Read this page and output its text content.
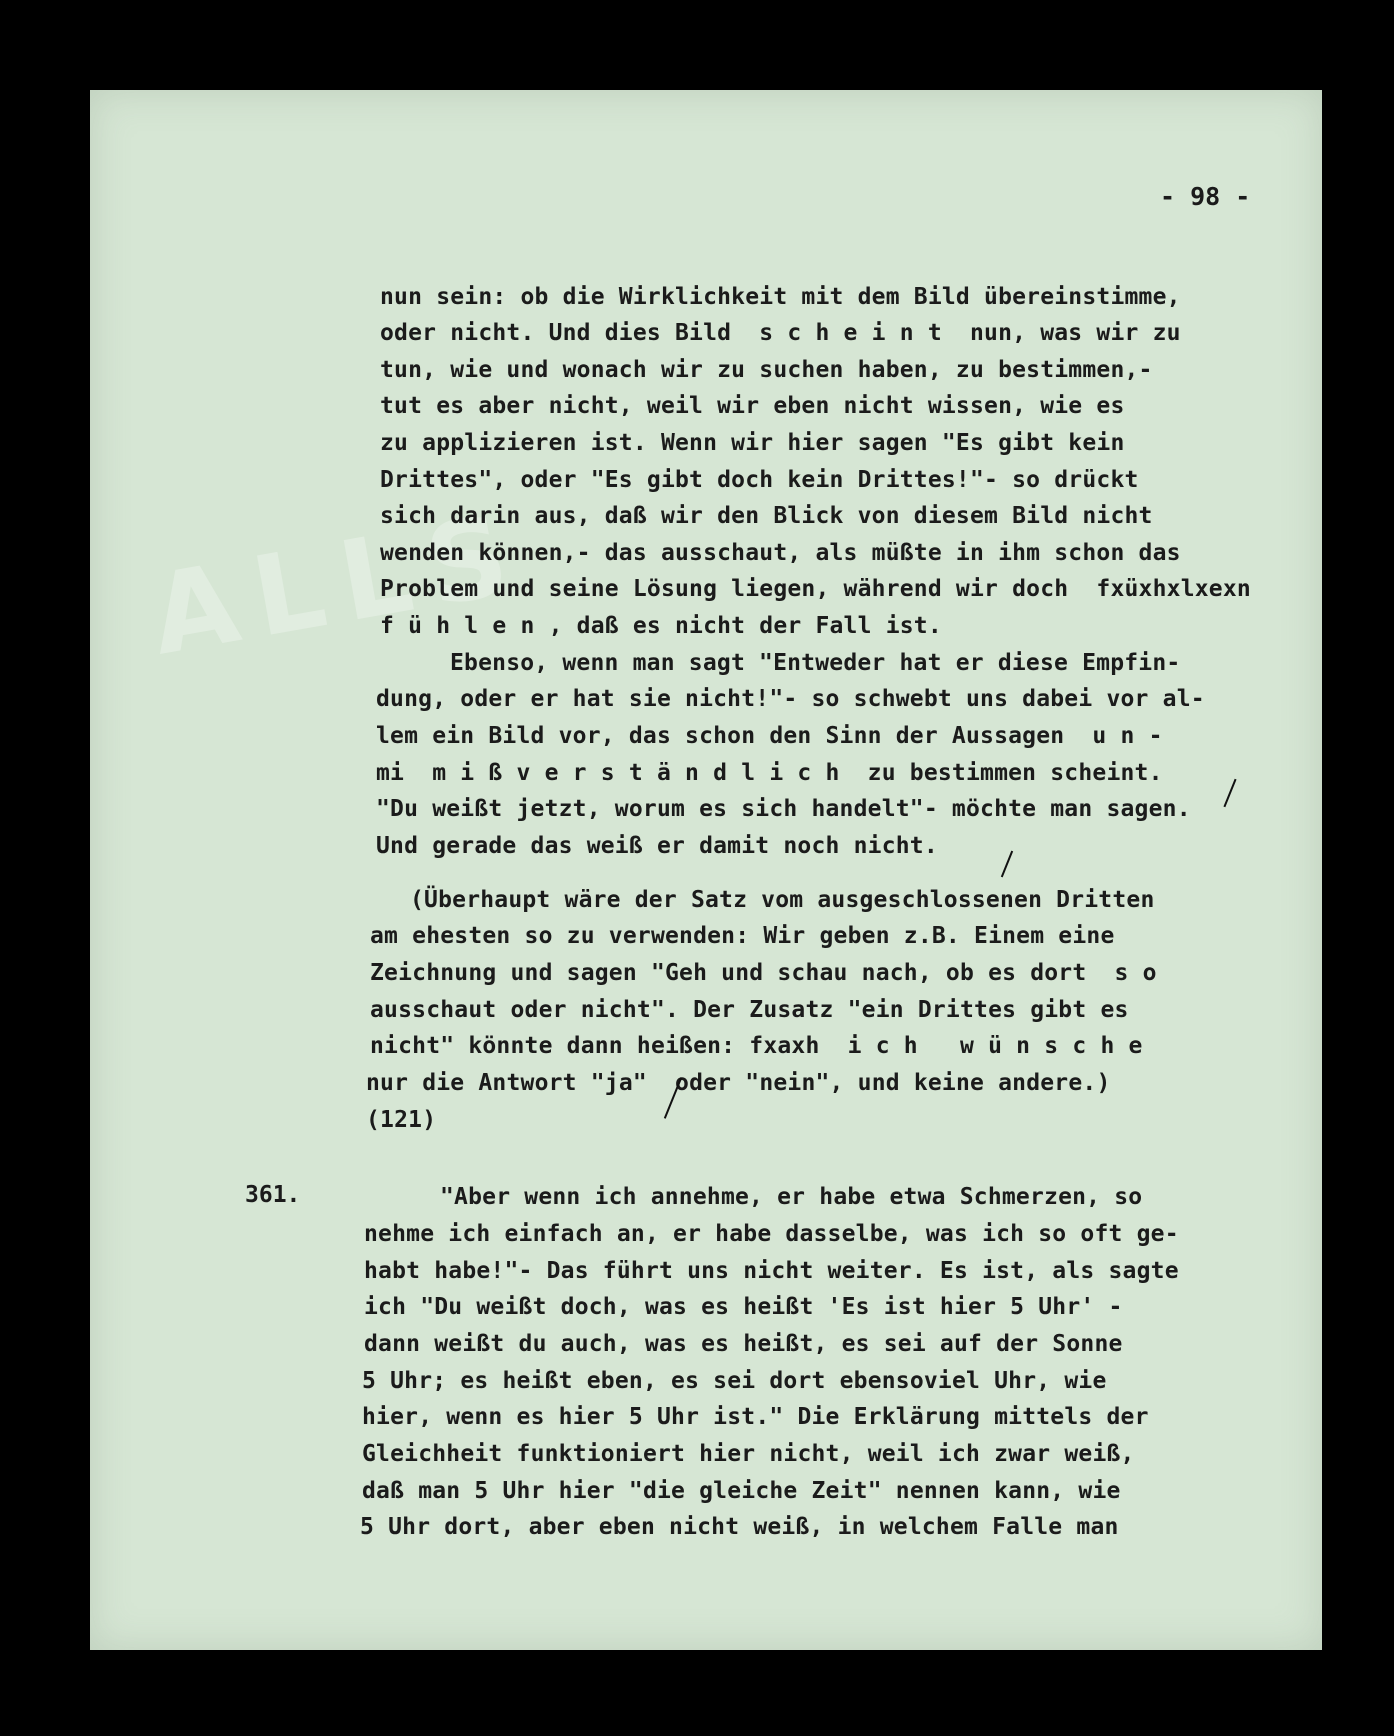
ALLS
- 98 -
nun sein: ob die Wirklichkeit mit dem Bild übereinstimme,
oder nicht. Und dies Bild  s c h e i n t  nun, was wir zu
tun, wie und wonach wir zu suchen haben, zu bestimmen,-
tut es aber nicht, weil wir eben nicht wissen, wie es
zu applizieren ist. Wenn wir hier sagen "Es gibt kein
Drittes", oder "Es gibt doch kein Drittes!"- so drückt
sich darin aus, daß wir den Blick von diesem Bild nicht
wenden können,- das ausschaut, als müßte in ihm schon das
Problem und seine Lösung liegen, während wir doch  fxüxhxlxexn
f ü h l e n , daß es nicht der Fall ist.
Ebenso, wenn man sagt "Entweder hat er diese Empfin-
dung, oder er hat sie nicht!"- so schwebt uns dabei vor al-
lem ein Bild vor, das schon den Sinn der Aussagen  u n -
mi  m i ß v e r s t ä n d l i c h  zu bestimmen scheint.
"Du weißt jetzt, worum es sich handelt"- möchte man sagen.
Und gerade das weiß er damit noch nicht.
(Überhaupt wäre der Satz vom ausgeschlossenen Dritten
am ehesten so zu verwenden: Wir geben z.B. Einem eine
Zeichnung und sagen "Geh und schau nach, ob es dort  s o
ausschaut oder nicht". Der Zusatz "ein Drittes gibt es
nicht" könnte dann heißen: fxaxh  i c h   w ü n s c h e
nur die Antwort "ja"  oder "nein", und keine andere.)
(121)
361.	"Aber wenn ich annehme, er habe etwa Schmerzen, so
nehme ich einfach an, er habe dasselbe, was ich so oft ge-
habt habe!"- Das führt uns nicht weiter. Es ist, als sagte
ich "Du weißt doch, was es heißt 'Es ist hier 5 Uhr' -
dann weißt du auch, was es heißt, es sei auf der Sonne
5 Uhr; es heißt eben, es sei dort ebensoviel Uhr, wie
hier, wenn es hier 5 Uhr ist." Die Erklärung mittels der
Gleichheit funktioniert hier nicht, weil ich zwar weiß,
daß man 5 Uhr hier "die gleiche Zeit" nennen kann, wie
5 Uhr dort, aber eben nicht weiß, in welchem Falle man
